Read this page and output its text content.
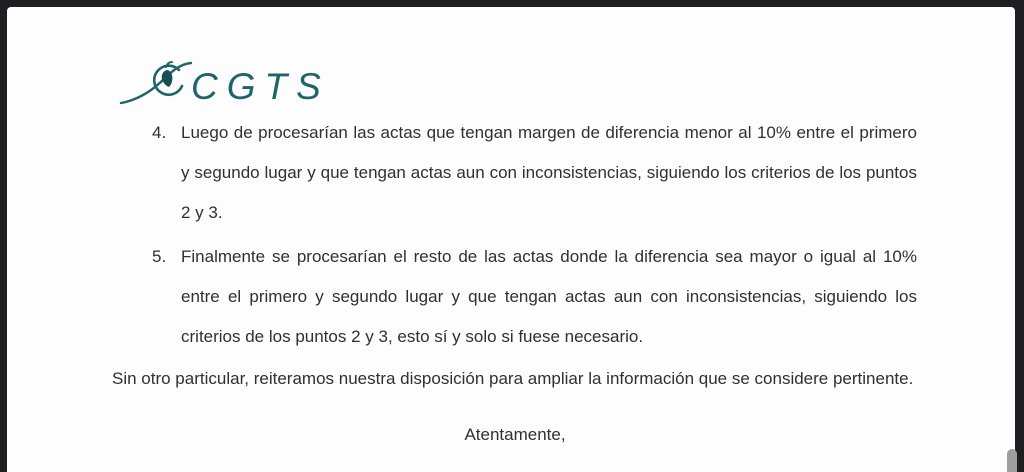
CGTS
4. Luego de procesarían las actas que tengan margen de diferencia menor al 10% entre el primero y segundo lugar y que tengan actas aun con inconsistencias, siguiendo los criterios de los puntos 2 y 3.
5. Finalmente se procesarían el resto de las actas donde la diferencia sea mayor o igual al 10% entre el primero y segundo lugar y que tengan actas aun con inconsistencias, siguiendo los criterios de los puntos 2 y 3, esto sí y solo si fuese necesario.

Sin otro particular, reiteramos nuestra disposición para ampliar la información que se considere pertinente.

Atentamente,
